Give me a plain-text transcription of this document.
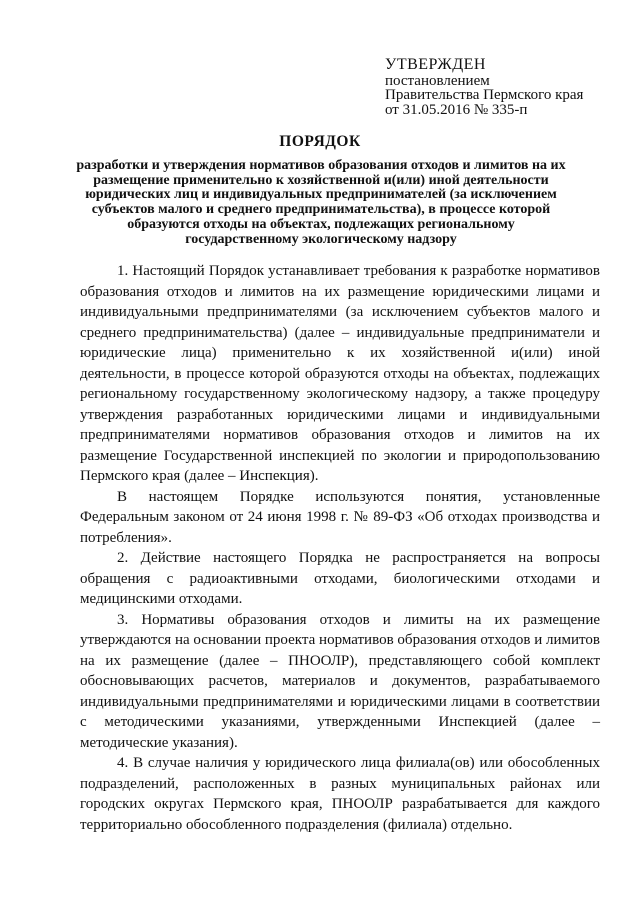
УТВЕРЖДЕН
постановлением
Правительства Пермского края
от 31.05.2016 № 335-п
ПОРЯДОК
разработки и утверждения нормативов образования отходов и лимитов на их размещение применительно к хозяйственной и(или) иной деятельности юридических лиц и индивидуальных предпринимателей (за исключением субъектов малого и среднего предпринимательства), в процессе которой образуются отходы на объектах, подлежащих региональному государственному экологическому надзору

1. Настоящий Порядок устанавливает требования к разработке нормативов образования отходов и лимитов на их размещение юридическими лицами и индивидуальными предпринимателями (за исключением субъектов малого и среднего предпринимательства) (далее – индивидуальные предприниматели и юридические лица) применительно к их хозяйственной и(или) иной деятельности, в процессе которой образуются отходы на объектах, подлежащих региональному государственному экологическому надзору, а также процедуру утверждения разработанных юридическими лицами и индивидуальными предпринимателями нормативов образования отходов и лимитов на их размещение Государственной инспекцией по экологии и природопользованию Пермского края (далее – Инспекция).

В настоящем Порядке используются понятия, установленные Федеральным законом от 24 июня 1998 г. № 89-ФЗ «Об отходах производства и потребления».

2. Действие настоящего Порядка не распространяется на вопросы обращения с радиоактивными отходами, биологическими отходами и медицинскими отходами.

3. Нормативы образования отходов и лимиты на их размещение утверждаются на основании проекта нормативов образования отходов и лимитов на их размещение (далее – ПНООЛР), представляющего собой комплект обосновывающих расчетов, материалов и документов, разрабатываемого индивидуальными предпринимателями и юридическими лицами в соответствии с методическими указаниями, утвержденными Инспекцией (далее – методические указания).

4. В случае наличия у юридического лица филиала(ов) или обособленных подразделений, расположенных в разных муниципальных районах или городских округах Пермского края, ПНООЛР разрабатывается для каждого территориально обособленного подразделения (филиала) отдельно.
